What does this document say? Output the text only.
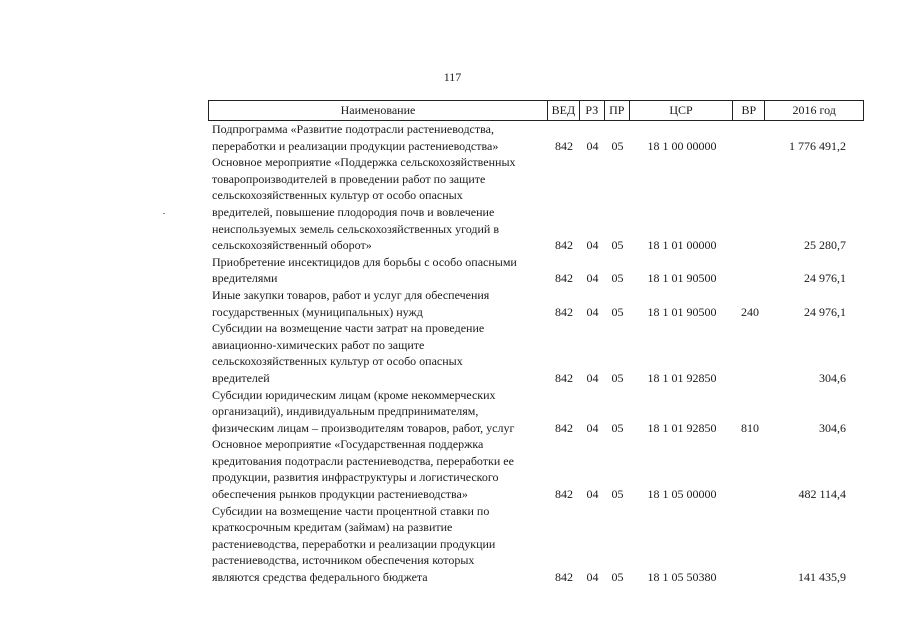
117
Наименование	ВЕД РЗ ПР	ЦСР	ВР	2016 год
Подпрограмма «Развитие подотрасли растениеводства,
переработки и реализации продукции растениеводства»	842	04	05	18 1 00 00000	1 776 491,2
Основное мероприятие «Поддержка сельскохозяйственных
товаропроизводителей в проведении работ по защите
сельскохозяйственных культур от особо опасных
вредителей, повышение плодородия почв и вовлечение
неиспользуемых земель сельскохозяйственных угодий в
сельскохозяйственный оборот»	842	04	05	18 1 01 00000	25 280,7
Приобретение инсектицидов для борьбы с особо опасными
вредителями	842	04	05	18 1 01 90500	24 976,1
Иные закупки товаров, работ и услуг для обеспечения
государственных (муниципальных) нужд	842	04	05	18 1 01 90500	240	24 976,1
Субсидии на возмещение части затрат на проведение
авиационно-химических работ по защите
сельскохозяйственных культур от особо опасных
вредителей	842	04	05	18 1 01 92850	304,6
Субсидии юридическим лицам (кроме некоммерческих
организаций), индивидуальным предпринимателям,
физическим лицам – производителям товаров, работ, услуг	842	04	05	18 1 01 92850	810	304,6
Основное мероприятие «Государственная поддержка
кредитования подотрасли растениеводства, переработки ее
продукции, развития инфраструктуры и логистического
обеспечения рынков продукции растениеводства»	842	04	05	18 1 05 00000	482 114,4
Субсидии на возмещение части процентной ставки по
краткосрочным кредитам (займам) на развитие
растениеводства, переработки и реализации продукции
растениеводства, источником обеспечения которых
являются средства федерального бюджета	842	04	05	18 1 05 50380	141 435,9
